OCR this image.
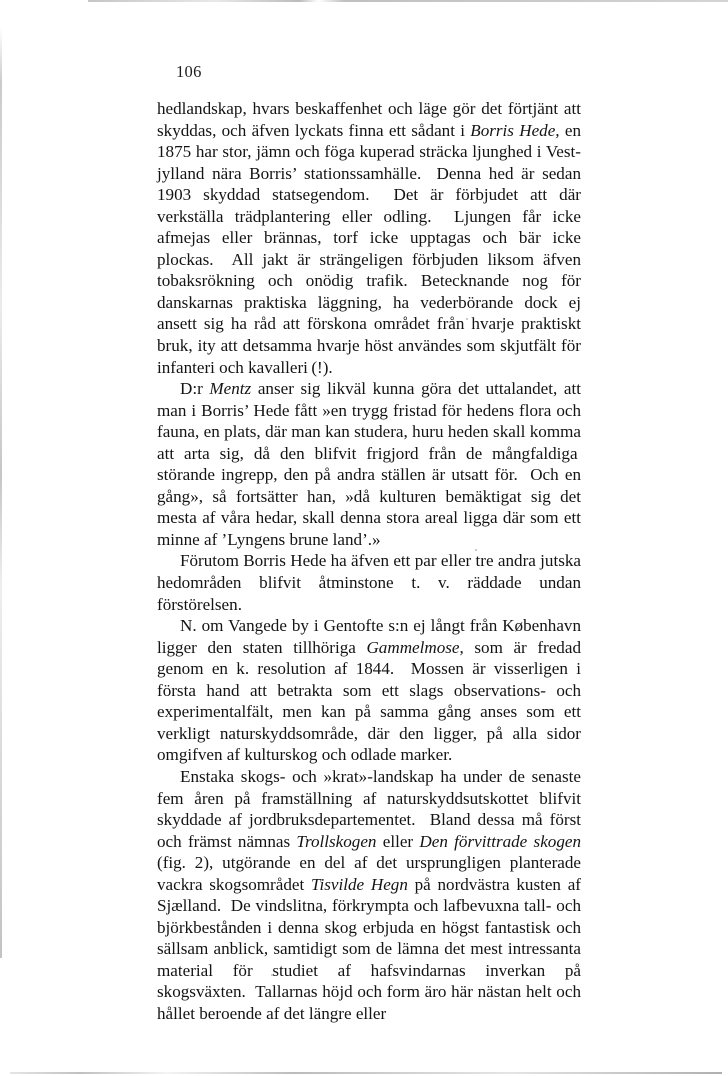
106

hedlandskap, hvars beskaffenhet och läge gör det förtjänt att skyddas, och äfven lyckats finna ett sådant i Borris Hede, en 1875 har stor, jämn och föga kuperad sträcka ljunghed i Vestjylland nära Borris’ stationssamhälle.  Denna hed är sedan 1903 skyddad statsegendom.  Det är förbjudet att där verkställa trädplantering eller odling.  Ljungen får icke afmejas eller brännas, torf icke upptagas och bär icke plockas.  All jakt är strängeligen förbjuden liksom äfven tobaksrökning och onödig trafik. Betecknande nog för danskarnas praktiska läggning, ha vederbörande dock ej ansett sig ha råd att förskona området från hvarje praktiskt bruk, ity att detsamma hvarje höst användes som skjutfält för infanteri och kavalleri (!).

D:r Mentz anser sig likväl kunna göra det uttalandet, att man i Borris’ Hede fått »en trygg fristad för hedens flora och fauna, en plats, där man kan studera, huru heden skall komma att arta sig, då den blifvit frigjord från de mångfaldiga störande ingrepp, den på andra ställen är utsatt för.  Och en gång», så fortsätter han, »då kulturen bemäktigat sig det mesta af våra hedar, skall denna stora areal ligga där som ett minne af ’Lyngens brune land’.»

Förutom Borris Hede ha äfven ett par eller tre andra jutska hedområden blifvit åtminstone t. v. räddade undan förstörelsen.

N. om Vangede by i Gentofte s:n ej långt från København ligger den staten tillhöriga Gammelmose, som är fredad genom en k. resolution af 1844.  Mossen är visserligen i första hand att betrakta som ett slags observations- och experimentalfält, men kan på samma gång anses som ett verkligt naturskyddsområde, där den ligger, på alla sidor omgifven af kulturskog och odlade marker.

Enstaka skogs- och »krat»-landskap ha under de senaste fem åren på framställning af naturskyddsutskottet blifvit skyddade af jordbruksdepartementet.  Bland dessa må först och främst nämnas Trollskogen eller Den förvittrade skogen (fig. 2), utgörande en del af det ursprungligen planterade vackra skogsområdet Tisvilde Hegn på nordvästra kusten af Sjælland.  De vindslitna, förkrympta och lafbevuxna tall- och björkbestånden i denna skog erbjuda en högst fantastisk och sällsam anblick, samtidigt som de lämna det mest intressanta material för studiet af hafsvindarnas inverkan på skogsväxten.  Tallarnas höjd och form äro här nästan helt och hållet beroende af det längre eller
